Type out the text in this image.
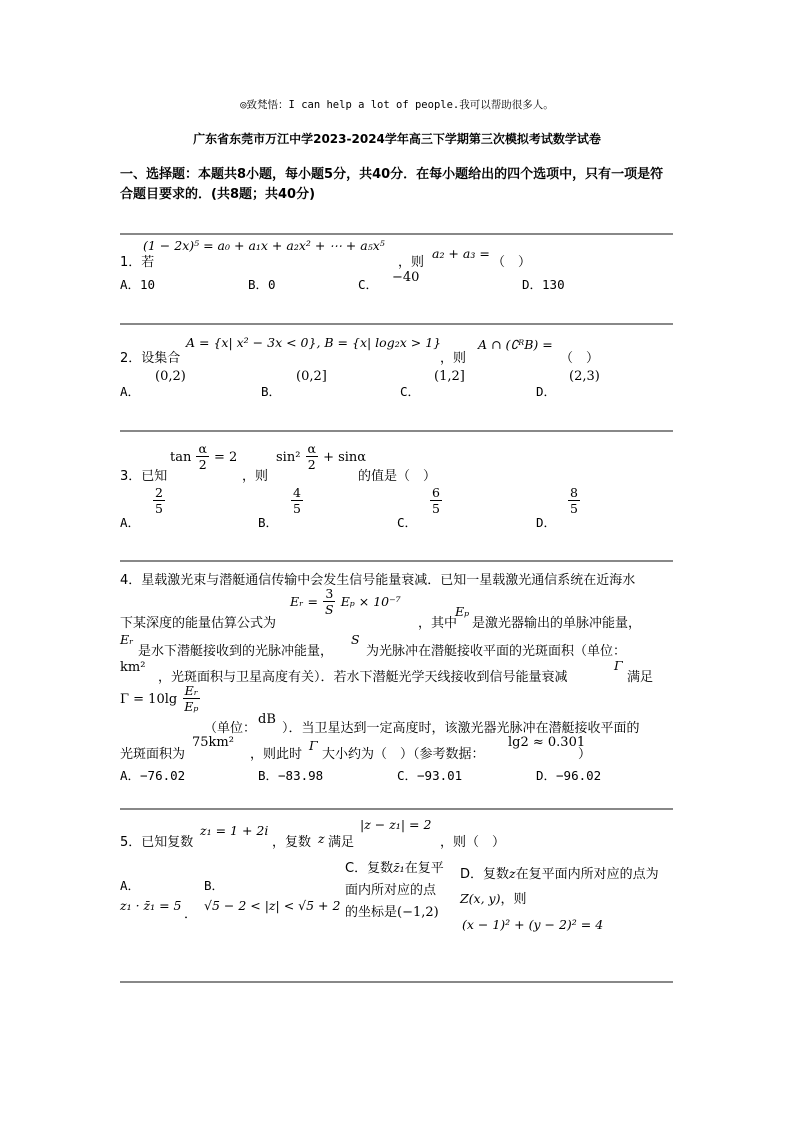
◎致梵悟：I can help a lot of people.我可以帮助很多人。
广东省东莞市万江中学2023-2024学年高三下学期第三次模拟考试数学试卷
一、选择题：本题共8小题，每小题5分，共40分．在每小题给出的四个选项中，只有一项是符合题目要求的．(共8题；共40分)
1．若
(1 − 2x)⁵ = a₀ + a₁x + a₂x² + ⋯ + a₅x⁵
，则
a₂ + a₃ =
（　）
A．10	B．0	C． −40	D．130
2．设集合
A = {x| x² − 3x < 0}, B = {x| log₂x > 1}
，则
A ∩ (∁ᴿB) =
（　）
A．
(0,2)
B．
(0,2]
C．
(1,2]
D．
(2,3)
3．已知
$\tan \frac{\alpha}{2} = 2$
，则
$\sin^2 \frac{\alpha}{2} + \sin\alpha$
的值是（　）
A．
$\frac{2}{5}$
B．
$\frac{4}{5}$
C．
$\frac{6}{5}$
D．
$\frac{8}{5}$
4．星载激光束与潜艇通信传输中会发生信号能量衰减．已知一星载激光通信系统在近海水
下某深度的能量估算公式为
Eᵣ = $\frac{3}{S}$ Eₚ × 10⁻⁷
，其中
Eₚ
是激光器输出的单脉冲能量，
Eᵣ
是水下潜艇接收到的光脉冲能量，
S
为光脉冲在潜艇接收平面的光斑面积（单位：
km²
，光斑面积与卫星高度有关）．若水下潜艇光学天线接收到信号能量衰减
Γ
满足
$\Gamma = 10\lg \frac{\text{Eᵣ}}{\text{Eₚ}}$
（单位：
dB
）．当卫星达到一定高度时，该激光器光脉冲在潜艇接收平面的
光斑面积为
75km²
，则此时
Γ
大小约为（　）（参考数据：
lg2 ≈ 0.301
）
A．−76.02	B．−83.98	C．−93.01	D．−96.02
5．已知复数
z₁ = 1 + 2i
，复数 z 满足
|z − z₁| = 2
，则（　）
A．
z₁ · z̄₁ = 5
．
B．
√5 − 2 < |z| < √5 + 2
C．复数z̄₁在复平面内所对应的点的坐标是(−1,2)
D．复数z在复平面内所对应的点为Z(x, y)，则
(x − 1)² + (y − 2)² = 4
